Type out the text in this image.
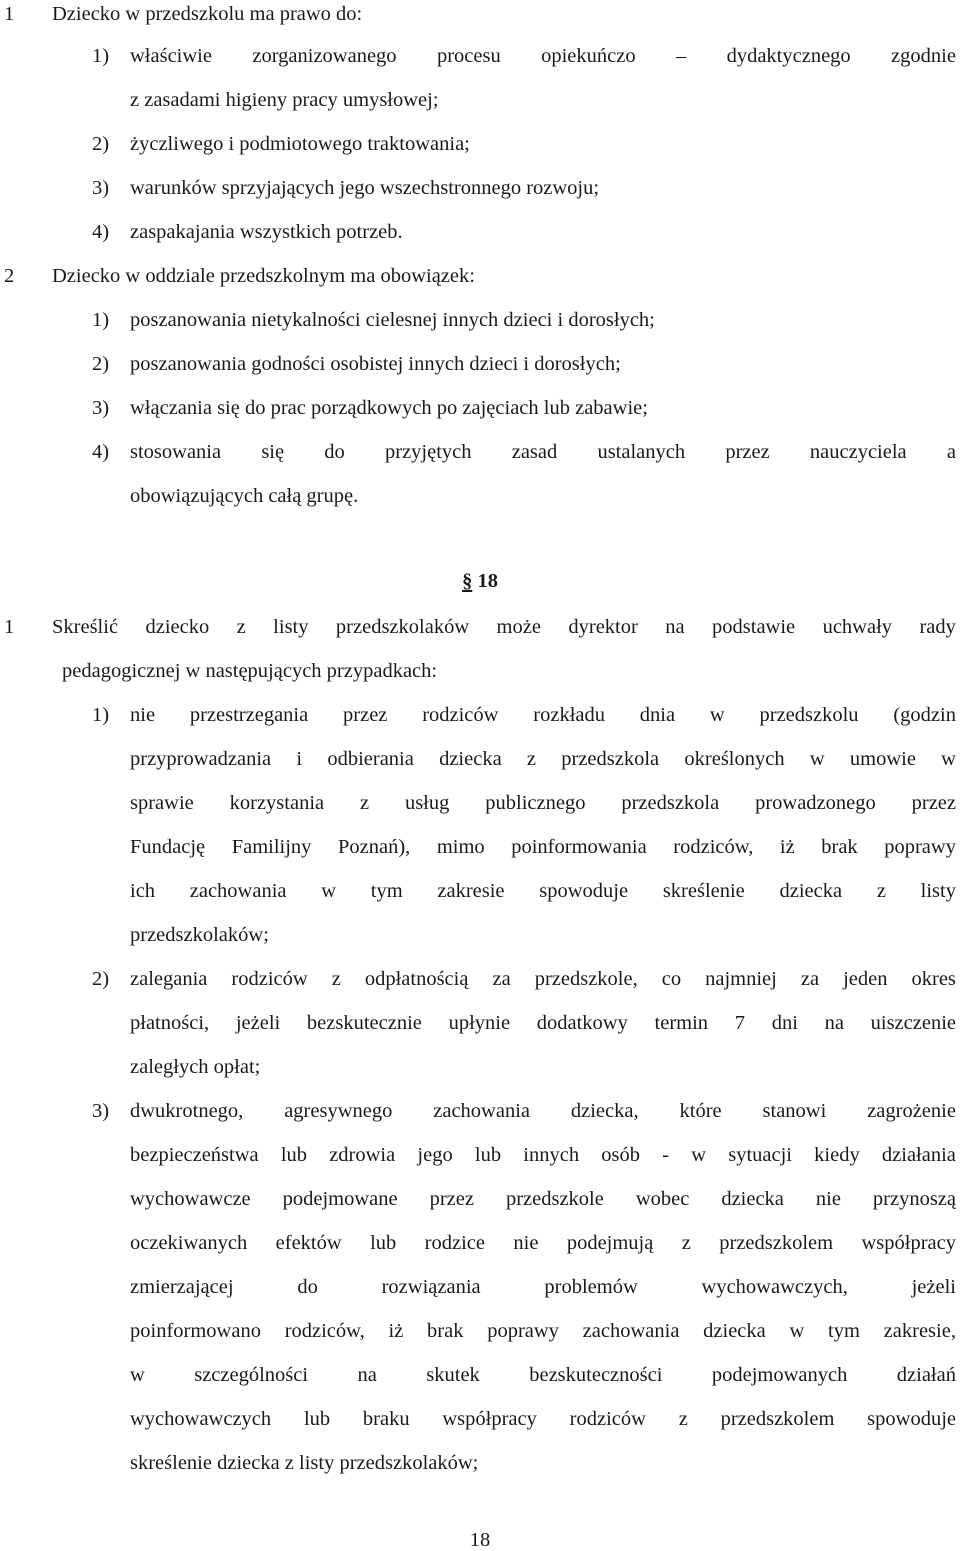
1 Dziecko w przedszkolu ma prawo do:
1) właściwie zorganizowanego procesu opiekuńczo – dydaktycznego zgodnie
z zasadami higieny pracy umysłowej;
2) życzliwego i podmiotowego traktowania;
3) warunków sprzyjających jego wszechstronnego rozwoju;
4) zaspakajania wszystkich potrzeb.
2 Dziecko w oddziale przedszkolnym ma obowiązek:
1) poszanowania nietykalności cielesnej innych dzieci i dorosłych;
2) poszanowania godności osobistej innych dzieci i dorosłych;
3) włączania się do prac porządkowych po zajęciach lub zabawie;
4) stosowania się do przyjętych zasad ustalanych przez nauczyciela a
obowiązujących całą grupę.
§ 18
1 Skreślić dziecko z listy przedszkolaków może dyrektor na podstawie uchwały rady
pedagogicznej w następujących przypadkach:
1) nie przestrzegania przez rodziców rozkładu dnia w przedszkolu (godzin
przyprowadzania i odbierania dziecka z przedszkola określonych w umowie w
sprawie korzystania z usług publicznego przedszkola prowadzonego przez
Fundację Familijny Poznań), mimo poinformowania rodziców, iż brak poprawy
ich zachowania w tym zakresie spowoduje skreślenie dziecka z listy
przedszkolaków;
2) zalegania rodziców z odpłatnością za przedszkole, co najmniej za jeden okres
płatności, jeżeli bezskutecznie upłynie dodatkowy termin 7 dni na uiszczenie
zaległych opłat;
3) dwukrotnego, agresywnego zachowania dziecka, które stanowi zagrożenie
bezpieczeństwa lub zdrowia jego lub innych osób - w sytuacji kiedy działania
wychowawcze podejmowane przez przedszkole wobec dziecka nie przynoszą
oczekiwanych efektów lub rodzice nie podejmują z przedszkolem współpracy
zmierzającej	do	rozwiązania	problemów	wychowawczych,	jeżeli
poinformowano rodziców, iż brak poprawy zachowania dziecka w tym zakresie,
w szczególności na skutek bezskuteczności podejmowanych działań
wychowawczych lub braku współpracy rodziców z przedszkolem spowoduje
skreślenie dziecka z listy przedszkolaków;
18
